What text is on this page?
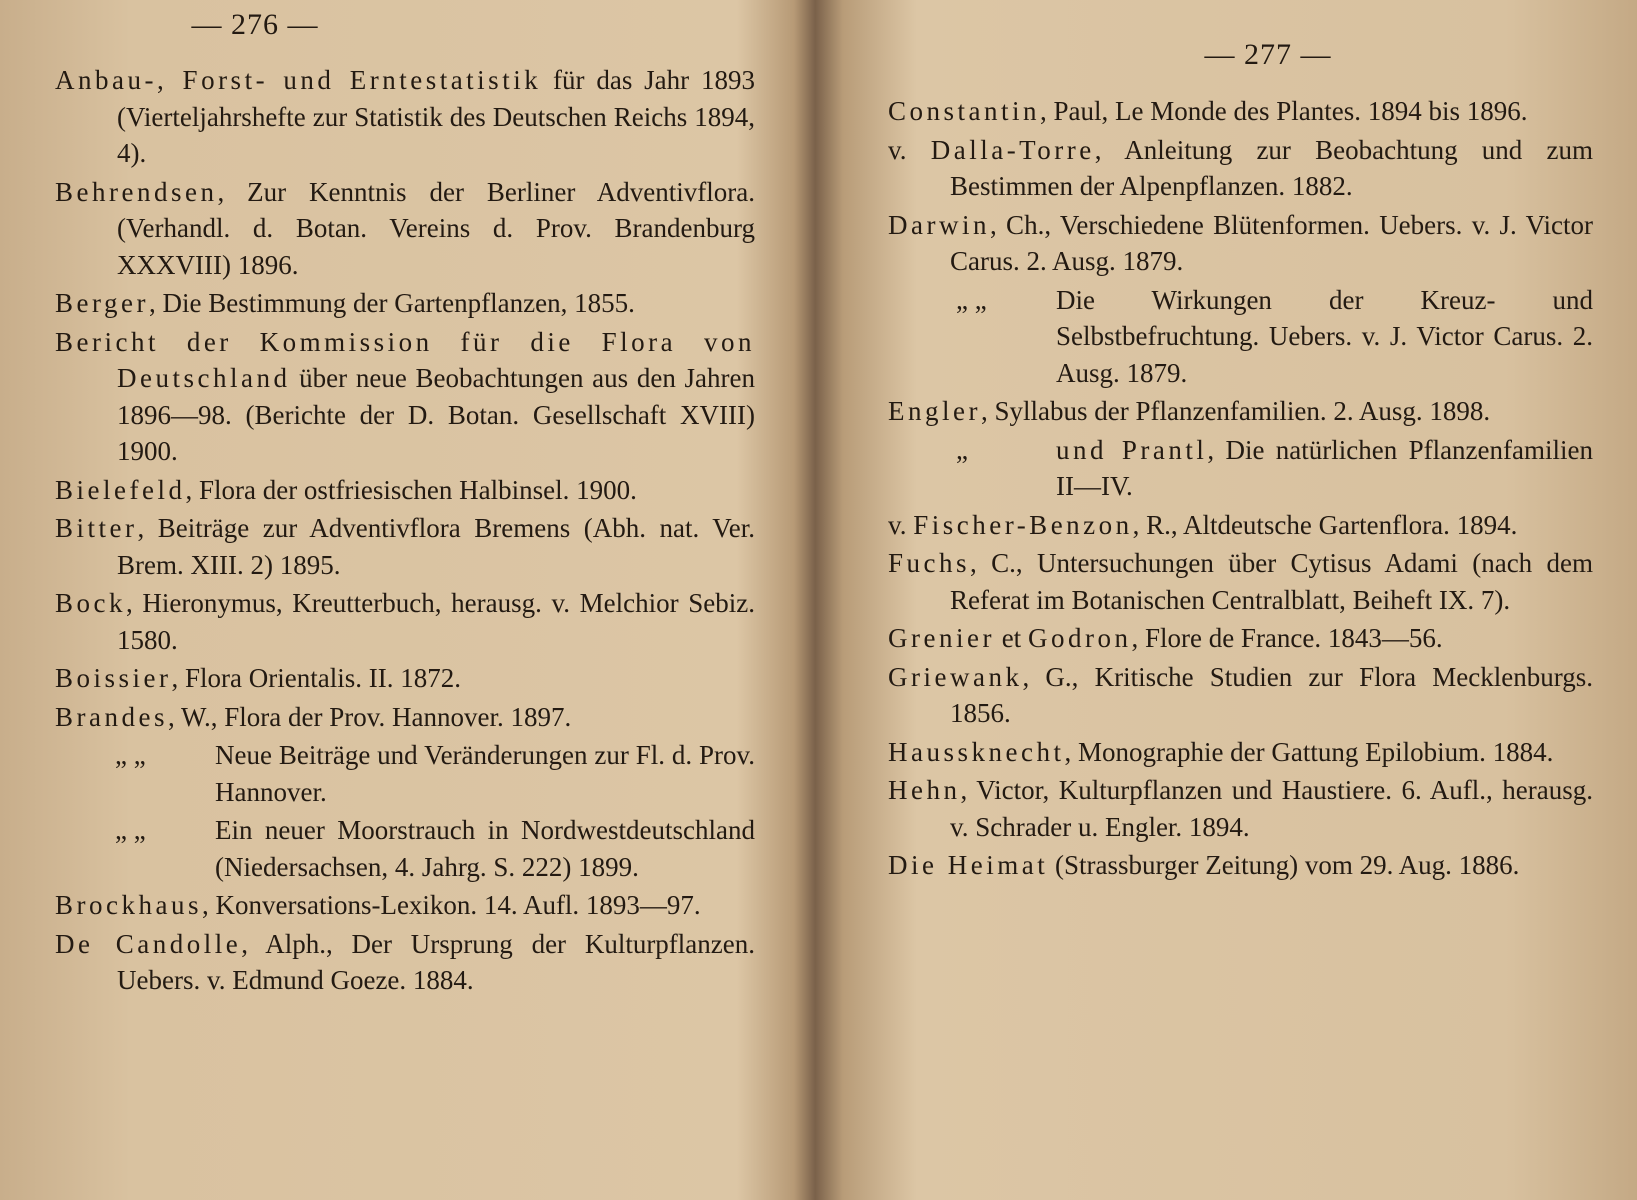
— 276 —
Anbau-, Forst- und Erntestatistik für das Jahr 1893 (Vierteljahrshefte zur Statistik des Deutschen Reichs 1894, 4).
Behrendsen, Zur Kenntnis der Berliner Adventivflora. (Verhandl. d. Botan. Vereins d. Prov. Brandenburg XXXVIII) 1896.
Berger, Die Bestimmung der Gartenpflanzen, 1855.
Bericht der Kommission für die Flora von Deutschland über neue Beobachtungen aus den Jahren 1896—98. (Berichte der D. Botan. Gesellschaft XVIII) 1900.
Bielefeld, Flora der ostfriesischen Halbinsel. 1900.
Bitter, Beiträge zur Adventivflora Bremens (Abh. nat. Ver. Brem. XIII. 2) 1895.
Bock, Hieronymus, Kreutterbuch, herausg. v. Melchior Sebiz. 1580.
Boissier, Flora Orientalis. II. 1872.
Brandes, W., Flora der Prov. Hannover. 1897.
„ „	Neue Beiträge und Veränderungen zur Fl. d. Prov. Hannover.
„ „	Ein neuer Moorstrauch in Nordwestdeutschland (Niedersachsen, 4. Jahrg. S. 222) 1899.
Brockhaus, Konversations-Lexikon. 14. Aufl. 1893—97.
De Candolle, Alph., Der Ursprung der Kulturpflanzen. Uebers. v. Edmund Goeze. 1884.
— 277 —
Constantin, Paul, Le Monde des Plantes. 1894 bis 1896.
v. Dalla-Torre, Anleitung zur Beobachtung und zum Bestimmen der Alpenpflanzen. 1882.
Darwin, Ch., Verschiedene Blütenformen. Uebers. v. J. Victor Carus. 2. Ausg. 1879.
„ „	Die Wirkungen der Kreuz- und Selbstbefruchtung. Uebers. v. J. Victor Carus. 2. Ausg. 1879.
Engler, Syllabus der Pflanzenfamilien. 2. Ausg. 1898.
„	und Prantl, Die natürlichen Pflanzenfamilien II—IV.
v. Fischer-Benzon, R., Altdeutsche Gartenflora. 1894.
Fuchs, C., Untersuchungen über Cytisus Adami (nach dem Referat im Botanischen Centralblatt, Beiheft IX. 7).
Grenier et Godron, Flore de France. 1843—56.
Griewank, G., Kritische Studien zur Flora Mecklenburgs. 1856.
Haussknecht, Monographie der Gattung Epilobium. 1884.
Hehn, Victor, Kulturpflanzen und Haustiere. 6. Aufl., herausg. v. Schrader u. Engler. 1894.
Die Heimat (Strassburger Zeitung) vom 29. Aug. 1886.
